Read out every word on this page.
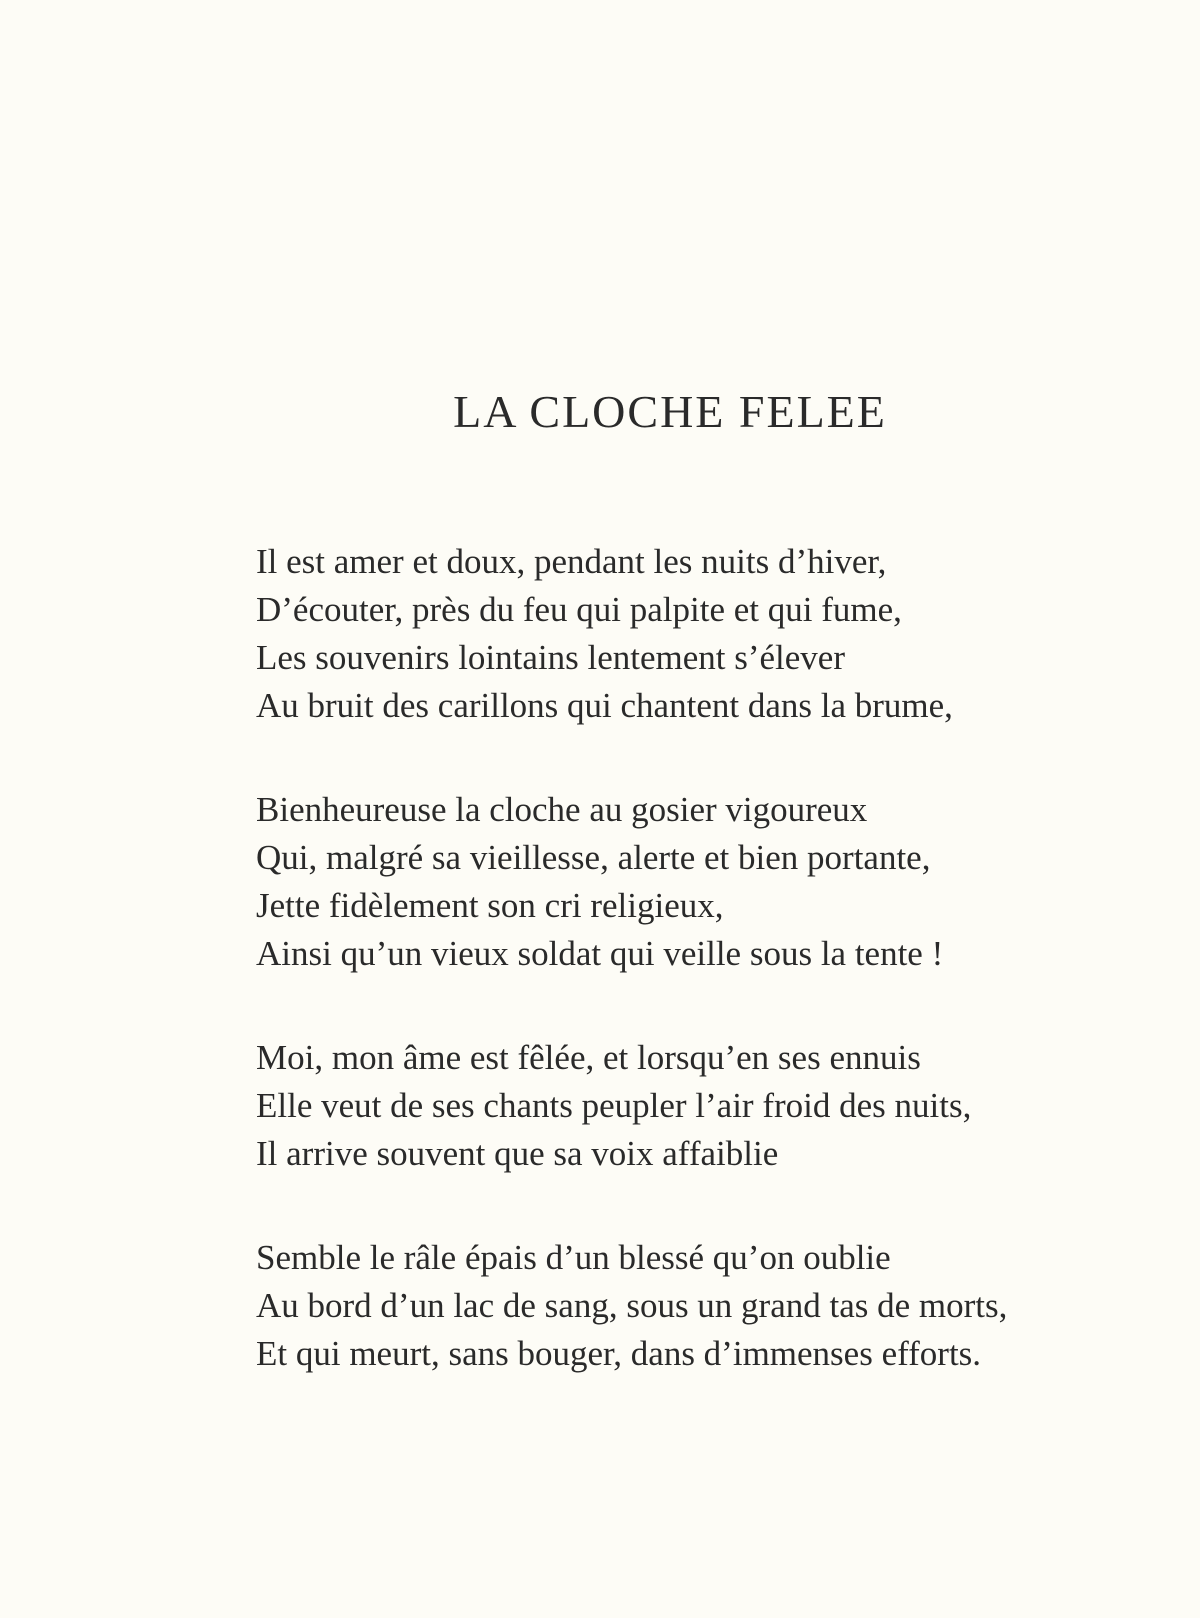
LA CLOCHE FELEE
Il est amer et doux, pendant les nuits d’hiver,
D’écouter, près du feu qui palpite et qui fume,
Les souvenirs lointains lentement s’élever
Au bruit des carillons qui chantent dans la brume,
Bienheureuse la cloche au gosier vigoureux
Qui, malgré sa vieillesse, alerte et bien portante,
Jette fidèlement son cri religieux,
Ainsi qu’un vieux soldat qui veille sous la tente !
Moi, mon âme est fêlée, et lorsqu’en ses ennuis
Elle veut de ses chants peupler l’air froid des nuits,
Il arrive souvent que sa voix affaiblie
Semble le râle épais d’un blessé qu’on oublie
Au bord d’un lac de sang, sous un grand tas de morts,
Et qui meurt, sans bouger, dans d’immenses efforts.
